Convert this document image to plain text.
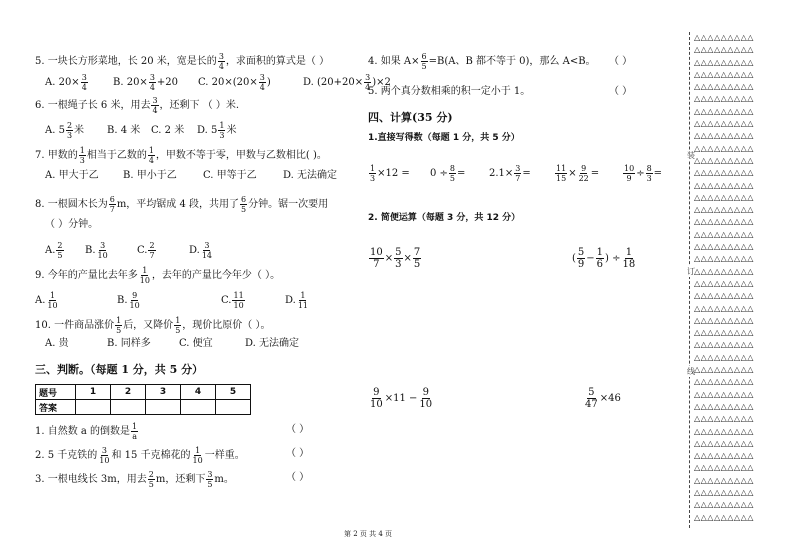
5. 一块长方形菜地，长 20 米，宽是长的 $\frac{3}{4}$ ，求面积的算式是（ ）
A. $20\times \frac{3}{4}$	B. $20\times \frac{3}{4} +20$ C. $20\times(20\times \frac{3}{4}$ )	D. $(20+20\times \frac{3}{4} )\times 2$
6. 一根绳子长 6 米，用去 $\frac{3}{4}$ ，还剩下 （ ）米.
A. $5 \frac{2}{3}$ 米 B. 4 米 C. 2 米 D. $5 \frac{1}{3}$ 米
7. 甲数的 $\frac{1}{3}$ 相当于乙数的 $\frac{1}{4}$ ，甲数不等于零，甲数与乙数相比( )。
A. 甲大于乙 B. 甲小于乙	C. 甲等于乙	D. 无法确定
8. 一根圆木长为 $\frac{6}{7}$ m，平均锯成 4 段，共用了 $\frac{6}{5}$ 分钟。锯一次要用
（ ）分钟。
A. $\frac{2}{5} B$. $\frac{3}{10}$	C. $\frac{2}{7}$	D. $\frac{3}{14}$
9. 今年的产量比去年多 $\frac{1}{10}$ ，去年的产量比今年少（ ）。
A. $\frac{1}{10}$	B. $\frac{9}{10}$	C. $\frac{11}{10}$	D. $\frac{1}{11}$
10. 一件商品涨价 $\frac{1}{5}$ 后，又降价 $\frac{1}{5}$ ，现价比原价（ ）。
A. 贵	B. 同样多	C. 便宜	D. 无法确定
三、判断。（每题 1 分，共 5 分）
题号	1	2	3	4	5
答案					
1. 自然数 a 的倒数是 $\frac{1}{a}$	（ ）
2. 5 千克铁的 $\frac{3}{10}$ 和 15 千克棉花的 $\frac{1}{10}$ 一样重。	（ ）
3. 一根电线长 3m，用去 $\frac{2}{5}$ m，还剩下 $\frac{3}{5}$ m。	（ ）
4. 如果 $A\times \frac{6}{5} =B(A$、B 都不等于 0)，那么 A<B。 （ ）
5. 两个真分数相乘的积一定小于 1。	（ ）
四、计算(35 分)
1.直接写得数（每题 1 分，共 5 分）
$\frac{1}{3} \times 12 = 0 \div \frac{8}{5} = 2.1\times \frac{3}{7}$ =	$\frac{11}{15} \times \frac{9}{22}$ =	$\frac{10}{9} \div \frac{8}{3}$ =
2. 简便运算（每题 3 分，共 12 分）
$\frac{10}{7} \times \frac{5}{3} \times \frac{7}{5}$	( $\frac{5}{9} - \frac{1}{6}$ ) ÷ $\frac{1}{18}$
$\frac{9}{10} \times 11 - \frac{9}{10}$	$\frac{5}{47} \times 46$
第 2 页 共 4 页
装
订
线
△△△△△△△△△
△△△△△△△△△
△△△△△△△△△
△△△△△△△△△
△△△△△△△△△
△△△△△△△△△
△△△△△△△△△
△△△△△△△△△
△△△△△△△△△
△△△△△△△△△
△△△△△△△△△
△△△△△△△△△
△△△△△△△△△
△△△△△△△△△
△△△△△△△△△
△△△△△△△△△
△△△△△△△△△
△△△△△△△△△
△△△△△△△△△
△△△△△△△△△
△△△△△△△△△
△△△△△△△△△
△△△△△△△△△
△△△△△△△△△
△△△△△△△△△
△△△△△△△△△
△△△△△△△△△
△△△△△△△△△
△△△△△△△△△
△△△△△△△△△
△△△△△△△△△
△△△△△△△△△
△△△△△△△△△
△△△△△△△△△
△△△△△△△△△
△△△△△△△△△
△△△△△△△△△
△△△△△△△△△
△△△△△△△△△
△△△△△△△△△
